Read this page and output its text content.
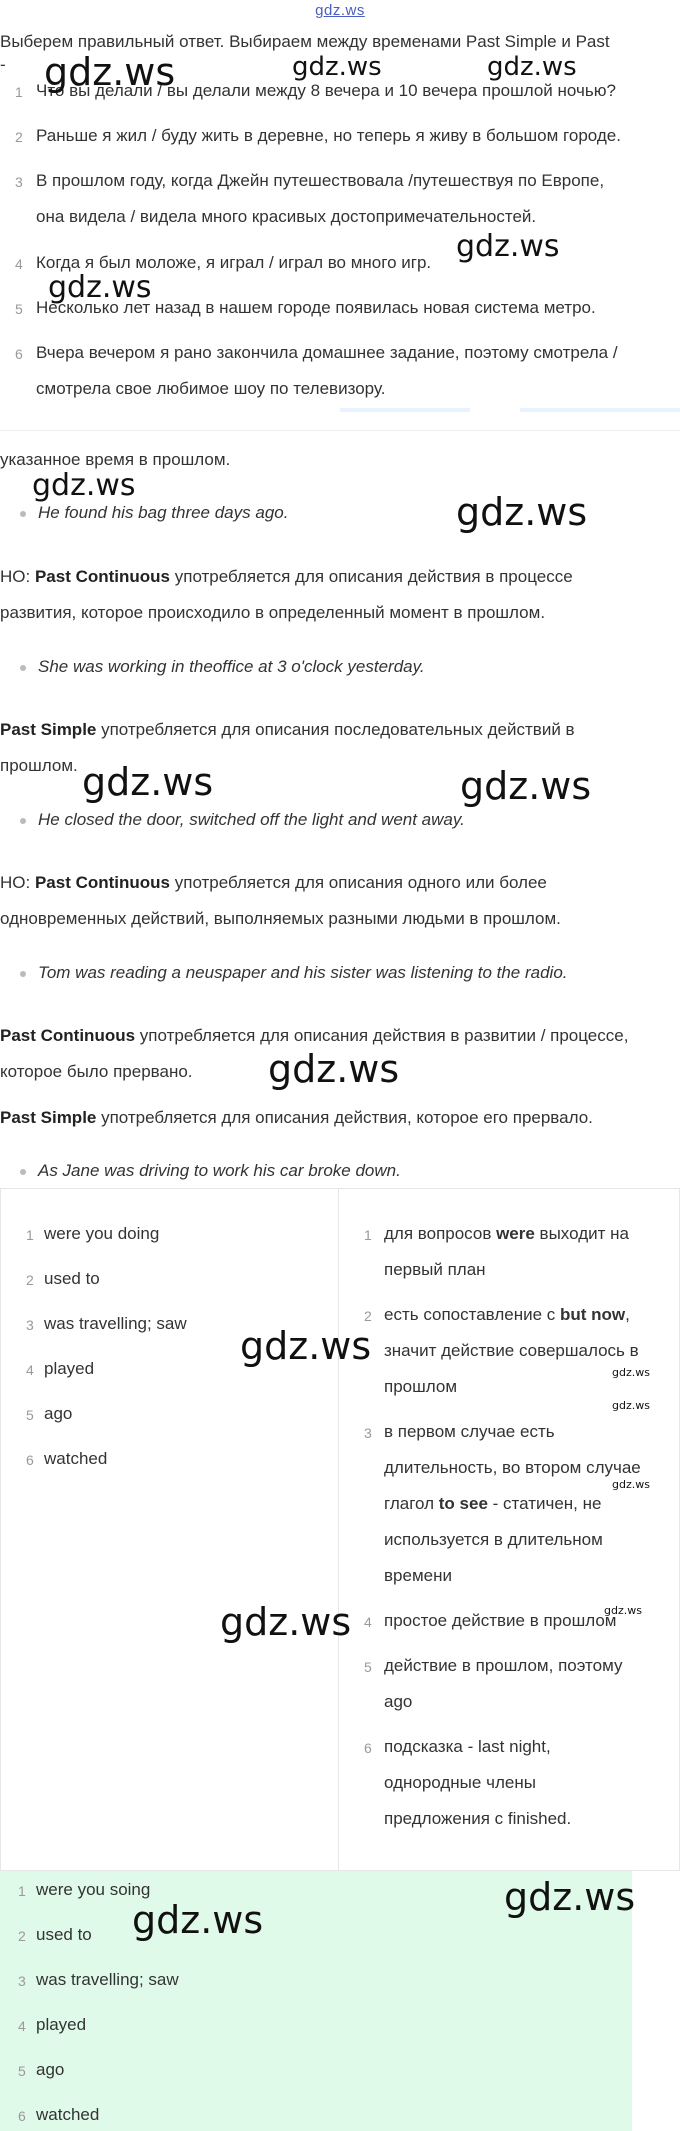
gdz.ws
Выберем правильный ответ. Выбираем между временами Past Simple и Past
-
1 Что вы делали / вы делали между 8 вечера и 10 вечера прошлой ночью?
2 Раньше я жил / буду жить в деревне, но теперь я живу в большом городе.
3 В прошлом году, когда Джейн путешествовала /путешествуя по Европе,
она видела / видела много красивых достопримечательностей.
4 Когда я был моложе, я играл / играл во много игр.
5 Несколько лет назад в нашем городе появилась новая система метро.
6 Вчера вечером я рано закончила домашнее задание, поэтому смотрела /
смотрела свое любимое шоу по телевизору.
указанное время в прошлом.
He found his bag three days ago.
НО: Past Continuous употребляется для описания действия в процессе
развития, которое происходило в определенный момент в прошлом.
She was working in theoffice at 3 o'clock yesterday.
Past Simple употребляется для описания последовательных действий в
прошлом.
He closed the door, switched off the light and went away.
НО: Past Continuous употребляется для описания одного или более
одновременных действий, выполняемых разными людьми в прошлом.
Tom was reading a neuspaper and his sister was listening to the radio.
Past Continuous употребляется для описания действия в развитии / процессе,
которое было прервано.
Past Simple употребляется для описания действия, которое его прервало.
As Jane was driving to work his car broke down.
1 were you doing
2 used to
3 was travelling; saw
4 played
5 ago
6 watched
1 для вопросов were выходит на
первый план
2 есть сопоставление с but now,
значит действие совершалось в
прошлом
3 в первом случае есть
длительность, во втором случае
глагол to see - статичен, не
используется в длительном
времени
4 простое действие в прошлом
5 действие в прошлом, поэтому
ago
6 подсказка - last night,
однородные члены
предложения с finished.
1 were you soing
2 used to
3 was travelling; saw
4 played
5 ago
6 watched
gdz.ws	gdz.ws	gdz.ws
gdz.ws
gdz.ws
gdz.ws
gdz.ws
gdz.ws	gdz.ws
gdz.ws
gdz.ws
gdz.ws
gdz.ws
gdz.ws
gdz.ws	gdz.ws
gdz.ws
gdz.ws
